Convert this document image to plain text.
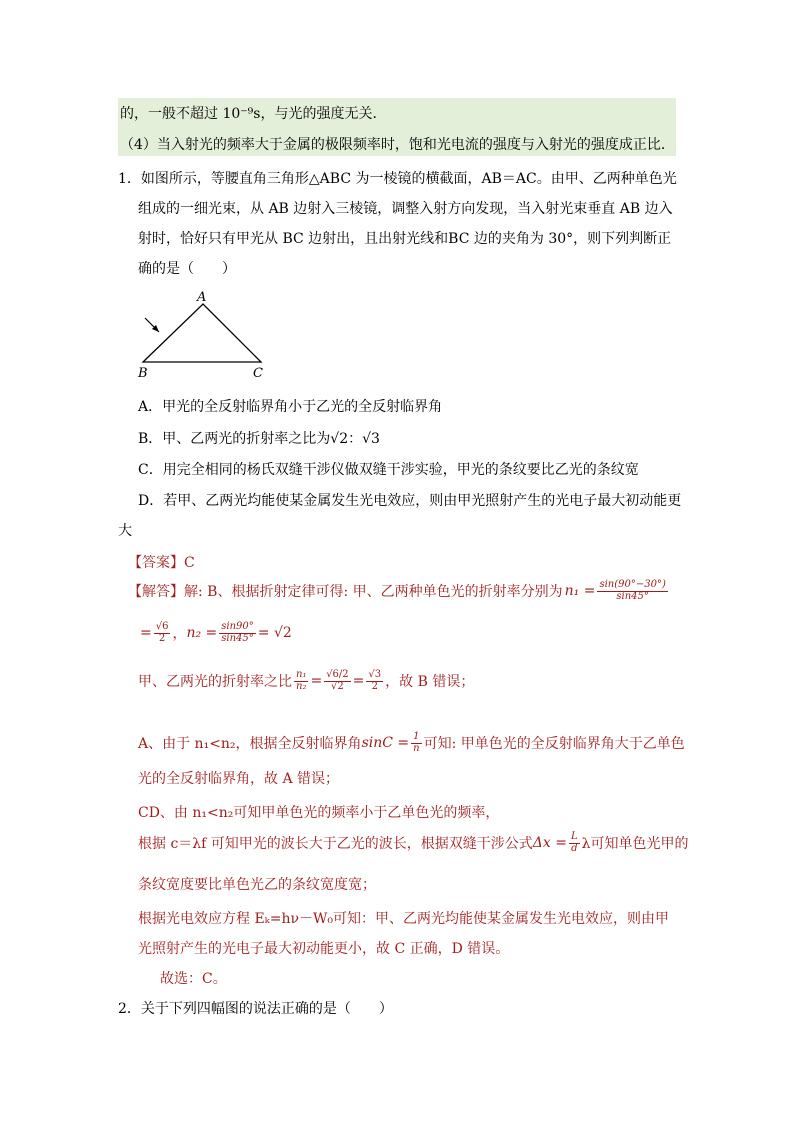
的，一般不超过 10⁻⁹s，与光的强度无关．
（4）当入射光的频率大于金属的极限频率时，饱和光电流的强度与入射光的强度成正比．
1．如图所示，等腰直角三角形△ABC 为一棱镜的横截面，AB＝AC。由甲、乙两种单色光
组成的一细光束，从 AB 边射入三棱镜，调整入射方向发现，当入射光束垂直 AB 边入
射时，恰好只有甲光从 BC 边射出，且出射光线和BC 边的夹角为 30°，则下列判断正
确的是（　　）
A
B	C
A．甲光的全反射临界角小于乙光的全反射临界角
B．甲、乙两光的折射率之比为√2：√3
C．用完全相同的杨氏双缝干涉仪做双缝干涉实验，甲光的条纹要比乙光的条纹宽
D．若甲、乙两光均能使某金属发生光电效应，则由甲光照射产生的光电子最大初动能更
大
【答案】C
【解答】解: B、根据折射定律可得: 甲、乙两种单色光的折射率分别为 $n_1 = \frac{\sin(90^\circ-30^\circ)}{\sin 45^\circ}$
= $\frac{√6}{2}$ ， $n_2 = \frac{\sin 90^\circ}{\sin 45^\circ} = √2$
甲、乙两光的折射率之比 $\frac{\text{n₁}}{\text{n₂}} = \frac{√6/2}{√2} = \frac{√3}{2}$ ，故 B 错误；
A、由于 n₁<n₂，根据全反射临界角 $\sin C = \frac{1}{n}$ 可知: 甲单色光的全反射临界角大于乙单色
光的全反射临界角，故 A 错误；
CD、由 n₁<n₂可知甲单色光的频率小于乙单色光的频率，
根据 c＝λf 可知甲光的波长大于乙光的波长，根据双缝干涉公式 $\Delta x = \frac{L}{d}$ λ可知单色光甲的
条纹宽度要比单色光乙的条纹宽度宽；
根据光电效应方程 Eₖ=hν－W₀可知：甲、乙两光均能使某金属发生光电效应，则由甲
光照射产生的光电子最大初动能更小，故 C 正确，D 错误。
故选：C。
2．关于下列四幅图的说法正确的是（　　）
